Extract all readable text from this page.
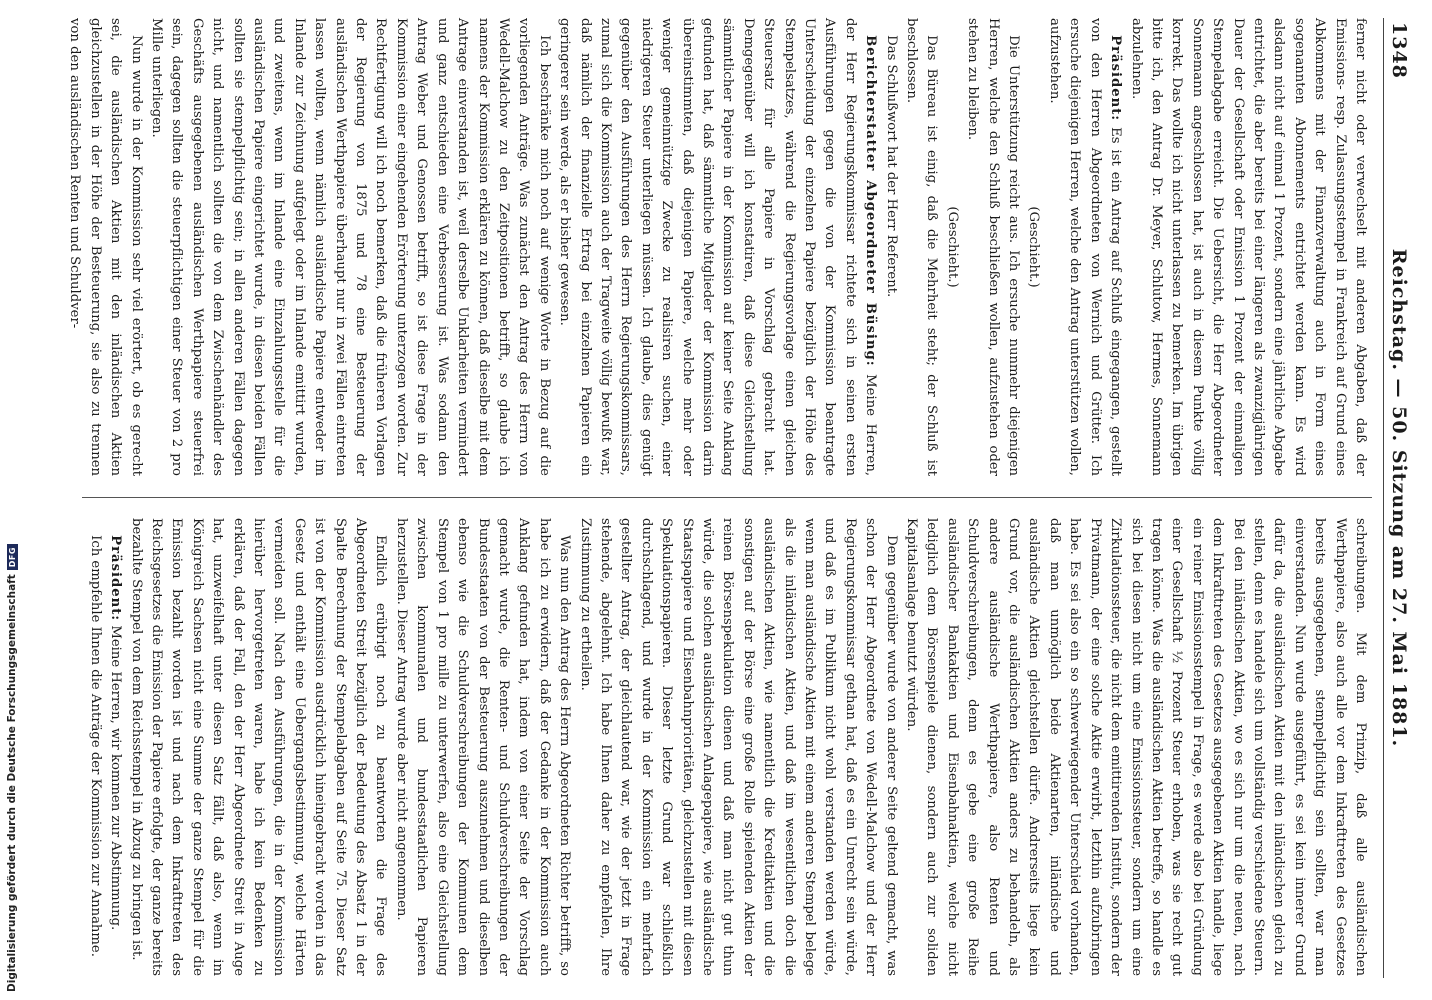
1348
Reichstag. — 50. Sitzung am 27. Mai 1881.

ferner nicht oder verwechselt mit anderen Abgaben, daß der Emissions- resp. Zulassungsstempel in Frankreich auf Grund eines Abkommens mit der Finanzverwaltung auch in Form eines sogenannten Abonnements entrichtet werden kann. Es wird alsdann nicht auf einmal 1 Prozent, sondern eine jährliche Abgabe entrichtet, die aber bereits bei einer längeren als zwanzigjährigen Dauer der Gesellschaft oder Emission 1 Prozent der einmaligen Stempelabgabe erreicht. Die Uebersicht, die Herr Abgeordneter Sonnemann angeschlossen hat, ist auch in diesem Punkte völlig korrekt. Das wollte ich nicht unterlassen zu bemerken. Im übrigen bitte ich, den Antrag Dr. Meyer, Schlutow, Hermes, Sonnemann abzulehnen.

Präsident: Es ist ein Antrag auf Schluß eingegangen, gestellt von den Herren Abgeordneten von Wernich und Grütter. Ich ersuche diejenigen Herren, welche den Antrag unterstützen wollen, aufzustehen.

(Geschieht.)

Die Unterstützung reicht aus. Ich ersuche nunmehr diejenigen Herren, welche den Schluß beschließen wollen, aufzustehen oder stehen zu bleiben.

(Geschieht.)

Das Büreau ist einig, daß die Mehrheit steht; der Schluß ist beschlossen.

Das Schlußwort hat der Herr Referent.

Berichterstatter Abgeordneter Büsing: Meine Herren, der Herr Regierungskommissar richtete sich in seinen ersten Ausführungen gegen die von der Kommission beantragte Unterscheidung der einzelnen Papiere bezüglich der Höhe des Stempelsatzes, während die Regierungsvorlage einen gleichen Steuersatz für alle Papiere in Vorschlag gebracht hat. Demgegenüber will ich konstatiren, daß diese Gleichstellung sämmtlicher Papiere in der Kommission auf keiner Seite Anklang gefunden hat, daß sämmtliche Mitglieder der Kommission darin übereinstimmten, daß diejenigen Papiere, welche mehr oder weniger gemeinnützige Zwecke zu realisiren suchen, einer niedrigeren Steuer unterliegen müssen. Ich glaube, dies genügt gegenüber den Ausführungen des Herrn Regierungskommissars, zumal sich die Kommission auch der Tragweite völlig bewußt war, daß nämlich der finanzielle Ertrag bei einzelnen Papieren ein geringerer sein werde, als er bisher gewesen.

Ich beschränke mich noch auf wenige Worte in Bezug auf die vorliegenden Anträge. Was zunächst den Antrag des Herrn von Wedell-Malchow zu den Zeitpositionen betrifft, so glaube ich namens der Kommission erklären zu können, daß dieselbe mit dem Antrage einverstanden ist, weil derselbe Unklarheiten vermindert und ganz entschieden eine Verbesserung ist. Was sodann den Antrag Weber und Genossen betrifft, so ist diese Frage in der Kommission einer eingehenden Erörterung unterzogen worden. Zur Rechtfertigung will ich noch bemerken, daß die früheren Vorlagen der Regierung von 1875 und 78 eine Besteuerung der ausländischen Werthpapiere überhaupt nur in zwei Fällen eintreten lassen wollten, wenn nämlich ausländische Papiere entweder im Inlande zur Zeichnung aufgelegt oder im Inlande emittirt wurden, und zweitens, wenn im Inlande eine Einzahlungsstelle für die ausländischen Papiere eingerichtet wurde, in diesen beiden Fällen sollten sie stempelpflichtig sein; in allen anderen Fällen dagegen nicht, und namentlich sollten die von dem Zwischenhändler des Geschäfts ausgegebenen ausländischen Werthpapiere steuerfrei sein, dagegen sollten die steuerpflichtigen einer Steuer von 2 pro Mille unterliegen.

Nun wurde in der Kommission sehr viel erörtert, ob es gerecht sei, die ausländischen Aktien mit den inländischen Aktien gleichzustellen in der Höhe der Besteuerung, sie also zu trennen von den ausländischen Renten und Schuldver-

schreibungen. Mit dem Prinzip, daß alle ausländischen Werthpapiere, also auch alle vor dem Inkrafttreten des Gesetzes bereits ausgegebenen, stempelpflichtig sein sollten, war man einverstanden. Nun wurde ausgeführt, es sei kein innerer Grund dafür da, die ausländischen Aktien mit den inländischen gleich zu stellen, denn es handele sich um vollständig verschiedene Steuern. Bei den inländischen Aktien, wo es sich nur um die neuen, nach dem Inkrafttreten des Gesetzes ausgegebenen Aktien handle, liege ein reiner Emissionsstempel in Frage, es werde also bei Gründung einer Gesellschaft ½ Prozent Steuer erhoben, was sie recht gut tragen könne. Was die ausländischen Aktien betreffe, so handle es sich bei diesen nicht um eine Emissionssteuer, sondern um eine Zirkulationssteuer, die nicht dem emittirenden Institut, sondern der Privatmann, der eine solche Aktie erwirbt, letzthin aufzubringen habe. Es sei also ein so schwerwiegender Unterschied vorhanden, daß man unmöglich beide Aktienarten, inländische und ausländische Aktien gleichstellen dürfe. Andrerseits liege kein Grund vor, die ausländischen Aktien anders zu behandeln, als andere ausländische Werthpapiere, also Renten und Schuldverschreibungen, denn es gebe eine große Reihe ausländischer Bankaktien und Eisenbahnaktien, welche nicht lediglich dem Börsenspiele dienen, sondern auch zur soliden Kapitalsanlage benutzt würden.

Dem gegenüber wurde von anderer Seite geltend gemacht, was schon der Herr Abgeordnete von Wedell-Malchow und der Herr Regierungskommissar gethan hat, daß es ein Unrecht sein würde, und daß es im Publikum nicht wohl verstanden werden würde, wenn man ausländische Aktien mit einem anderen Stempel belege als die inländischen Aktien, und daß im wesentlichen doch die ausländischen Aktien, wie namentlich die Kreditaktien und die sonstigen auf der Börse eine große Rolle spielenden Aktien der reinen Börsenspekulation dienen und daß man nicht gut thun würde, die solchen ausländischen Anlagepapiere, wie ausländische Staatspapiere und Eisenbahnprioritäten, gleichzustellen mit diesen Spekulationspapieren. Dieser letzte Grund war schließlich durchschlagend, und wurde in der Kommission ein mehrfach gestellter Antrag, der gleichlautend war, wie der jetzt in Frage stehende, abgelehnt. Ich habe Ihnen daher zu empfehlen, Ihre Zustimmung zu ertheilen.

Was nun den Antrag des Herrn Abgeordneten Richter betrifft, so habe ich zu erwidern, daß der Gedanke in der Kommission auch Anklang gefunden hat, indem von einer Seite der Vorschlag gemacht wurde, die Renten- und Schuldverschreibungen der Bundesstaaten von der Besteuerung auszunehmen und dieselben ebenso wie die Schuldverschreibungen der Kommunen dem Stempel von 1 pro mille zu unterwerfen, also eine Gleichstellung zwischen kommunalen und bundesstaatlichen Papieren herzustellen. Dieser Antrag wurde aber nicht angenommen.

Endlich erübrigt noch zu beantworten die Frage des Abgeordneten Streit bezüglich der Bedeutung des Absatz 1 in der Spalte Berechnung der Stempelabgaben auf Seite 75. Dieser Satz ist von der Kommission ausdrücklich hineingebracht worden in das Gesetz und enthält eine Uebergangsbestimmung, welche Härten vermeiden soll. Nach den Ausführungen, die in der Kommission hierüber hervorgetreten waren, habe ich kein Bedenken zu erklären, daß der Fall, den der Herr Abgeordnete Streit in Auge hat, unzweifelhaft unter diesen Satz fällt, daß also, wenn im Königreich Sachsen nicht eine Summe der ganze Stempel für die Emission bezahlt worden ist und nach dem Inkrafttreten des Reichsgesetzes die Emission der Papiere erfolgte, der ganze bereits bezahlte Stempel von dem Reichsstempel in Abzug zu bringen ist.

Präsident: Meine Herren, wir kommen zur Abstimmung.

Ich empfehle Ihnen die Anträge der Kommission zur Annahme.

Digitalisierung gefördert durch die Deutsche Forschungsgemeinschaft
DFG
